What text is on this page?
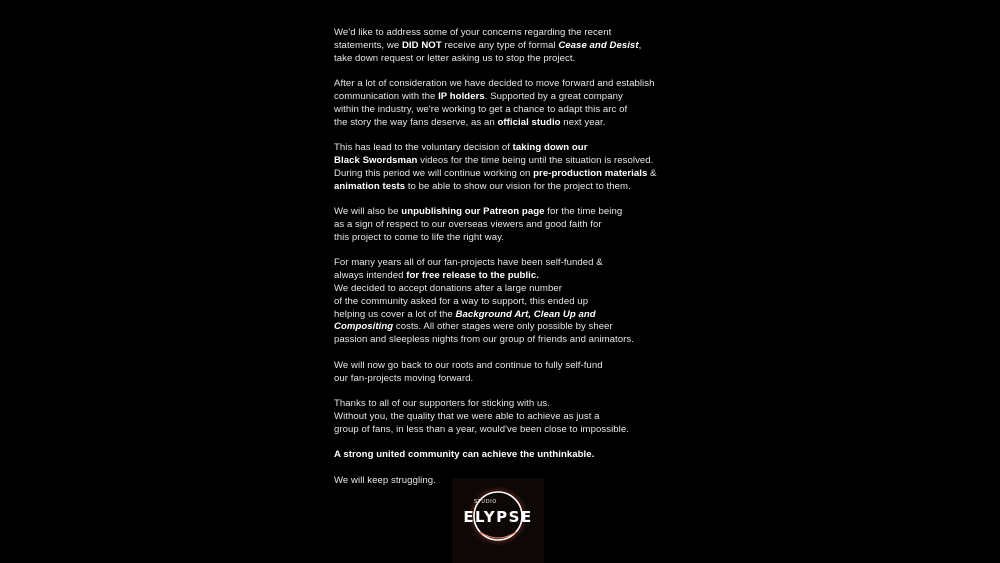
We'd like to address some of your concerns regarding the recent
statements, we DID NOT receive any type of formal Cease and Desist,
take down request or letter asking us to stop the project.

After a lot of consideration we have decided to move forward and establish
communication with the IP holders. Supported by a great company
within the industry, we're working to get a chance to adapt this arc of
the story the way fans deserve, as an official studio next year.

This has lead to the voluntary decision of taking down our
Black Swordsman videos for the time being until the situation is resolved.
During this period we will continue working on pre-production materials &
animation tests to be able to show our vision for the project to them.

We will also be unpublishing our Patreon page for the time being
as a sign of respect to our overseas viewers and good faith for
this project to come to life the right way.

For many years all of our fan-projects have been self-funded &
always intended for free release to the public.
We decided to accept donations after a large number
of the community asked for a way to support, this ended up
helping us cover a lot of the Background Art, Clean Up and
Compositing costs. All other stages were only possible by sheer
passion and sleepless nights from our group of friends and animators.

We will now go back to our roots and continue to fully self-fund
our fan-projects moving forward.

Thanks to all of our supporters for sticking with us.
Without you, the quality that we were able to achieve as just a
group of fans, in less than a year, would've been close to impossible.

A strong united community can achieve the unthinkable.

We will keep struggling.

STUDIO
ELYPSE
